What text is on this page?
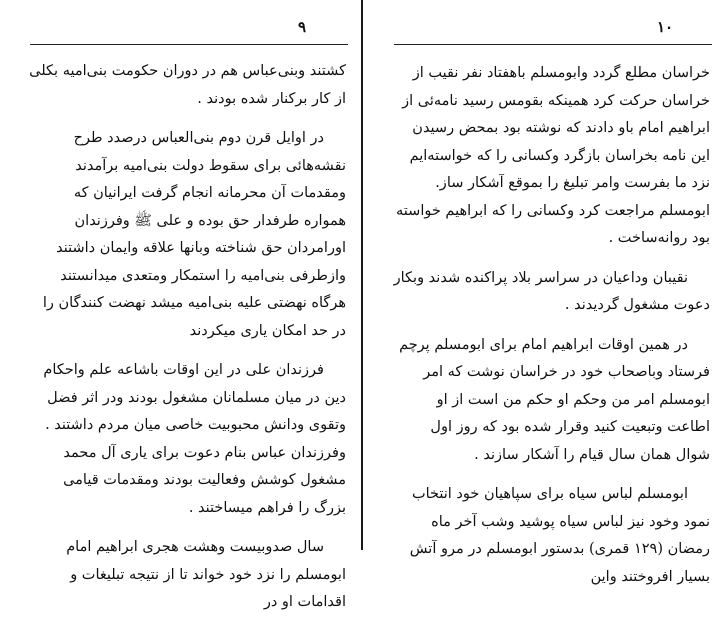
۹

کشتند وبنی‌عباس هم در دوران حکومت بنی‌امیه بکلی از کار برکنار شده بودند .

در اوایل قرن دوم بنی‌العباس درصدد طرح نقشه‌هائی برای سقوط دولت بنی‌امیه برآمدند ومقدمات آن محرمانه انجام گرفت ایرانیان که همواره طرفدار حق بوده و علی ﷺ وفرزندان اورامردان حق شناخته وبانها علاقه وایمان داشتند وازطرفی بنی‌امیه‌ را استمکار ومتعدی میدانستند هرگاه نهضتی علیه بنی‌امیه میشد نهضت کنندگان را در حد امکان یاری میکردند

فرزندان علی در این اوقات باشاعه علم واحکام دین در میان مسلمانان مشغول بودند ودر اثر فضل وتقوی ودانش محبوبیت خاصی میان مردم داشتند . وفرزندان عباس بنام دعوت برای یاری آل محمد مشغول کوشش وفعالیت بودند ومقدمات قیامی بزرگ را فراهم میساختند .

سال صدوبیست وهشت هجری ابراهیم امام ابومسلم را نزد خود خواند تا از نتیجه تبلیغات و اقدامات او در

۱۰

خراسان مطلع گردد وابومسلم باهفتاد نفر نقیب از خراسان حرکت کرد همینکه بقومس رسید نامه‌ئی از ابراهیم امام باو دادند که نوشته بود بمحض رسیدن این نامه بخراسان بازگرد وکسانی را که خواسته‌ایم نزد ما بفرست وامر تبلیغ را بموقع آشکار ساز. ابومسلم مراجعت کرد وکسانی را که ابراهیم خواسته بود روانه‌ساخت .

نقیبان وداعیان در سراسر بلاد پراکنده شدند وبکار دعوت مشغول گردیدند .

در همین اوقات ابراهیم امام برای ابومسلم پرچم فرستاد وباصحاب خود در خراسان نوشت که امر ابومسلم امر من وحکم او حکم من است از او اطاعت وتبعیت کنید وقرار شده بود که روز اول شوال همان سال قیام را آشکار سازند .

ابومسلم لباس سیاه برای سپاهیان خود انتخاب نمود وخود نیز لباس سیاه پوشید وشب آخر ماه رمضان (۱۲۹ قمری) بدستور ابومسلم در مرو آتش بسیار افروختند واین
